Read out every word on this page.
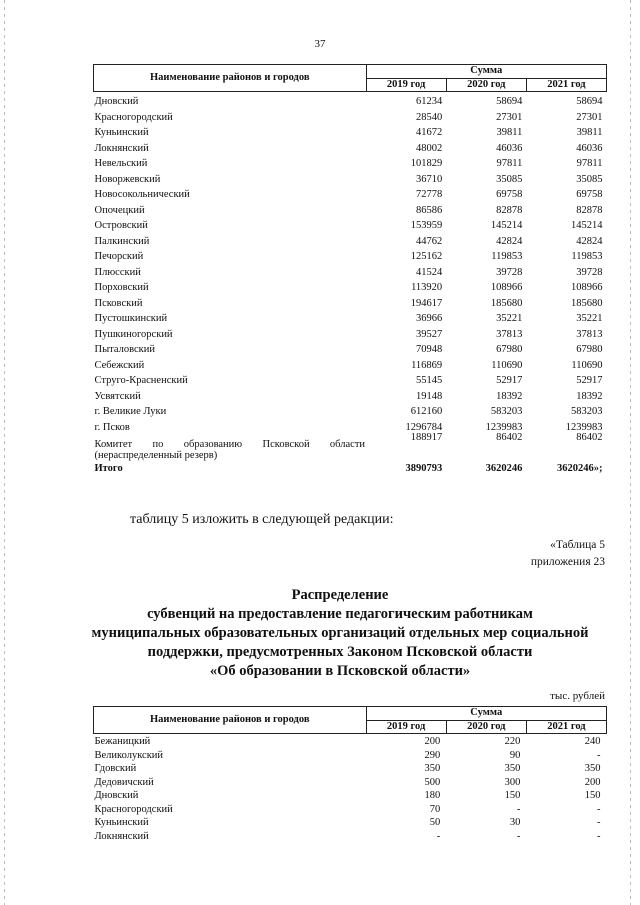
37
Наименование районов и городов	Сумма		
	2019 год	2020 год	2021 год
Дновский	61234	58694	58694
Красногородский	28540	27301	27301
Куньинский	41672	39811	39811
Локнянский	48002	46036	46036
Невельский	101829	97811	97811
Новоржевский	36710	35085	35085
Новосокольнический	72778	69758	69758
Опочецкий	86586	82878	82878
Островский	153959	145214	145214
Палкинский	44762	42824	42824
Печорский	125162	119853	119853
Плюсский	41524	39728	39728
Порховский	113920	108966	108966
Псковский	194617	185680	185680
Пустошкинский	36966	35221	35221
Пушкиногорский	39527	37813	37813
Пыталовский	70948	67980	67980
Себежский	116869	110690	110690
Струго-Красненский	55145	52917	52917
Усвятский	19148	18392	18392
г. Великие Луки	612160	583203	583203
г. Псков	1296784	1239983	1239983

Комитет по образованию Псковской области
(нераспределенный резерв)	188917	86402	86402
Итого	3890793	3620246	3620246»;
таблицу 5 изложить в следующей редакции:
«Таблица 5
приложения 23
Распределение
субвенций на предоставление педагогическим работникам
муниципальных образовательных организаций отдельных мер социальной
поддержки, предусмотренных Законом Псковской области
«Об образовании в Псковской области»
тыс. рублей
Наименование районов и городов	Сумма		
	2019 год	2020 год	2021 год
Бежаницкий	200	220	240
Великолукский	290	90	-
Гдовский	350	350	350
Дедовичский	500	300	200
Дновский	180	150	150
Красногородский	70	-	-
Куньинский	50	30	-
Локнянский	-	-	-
